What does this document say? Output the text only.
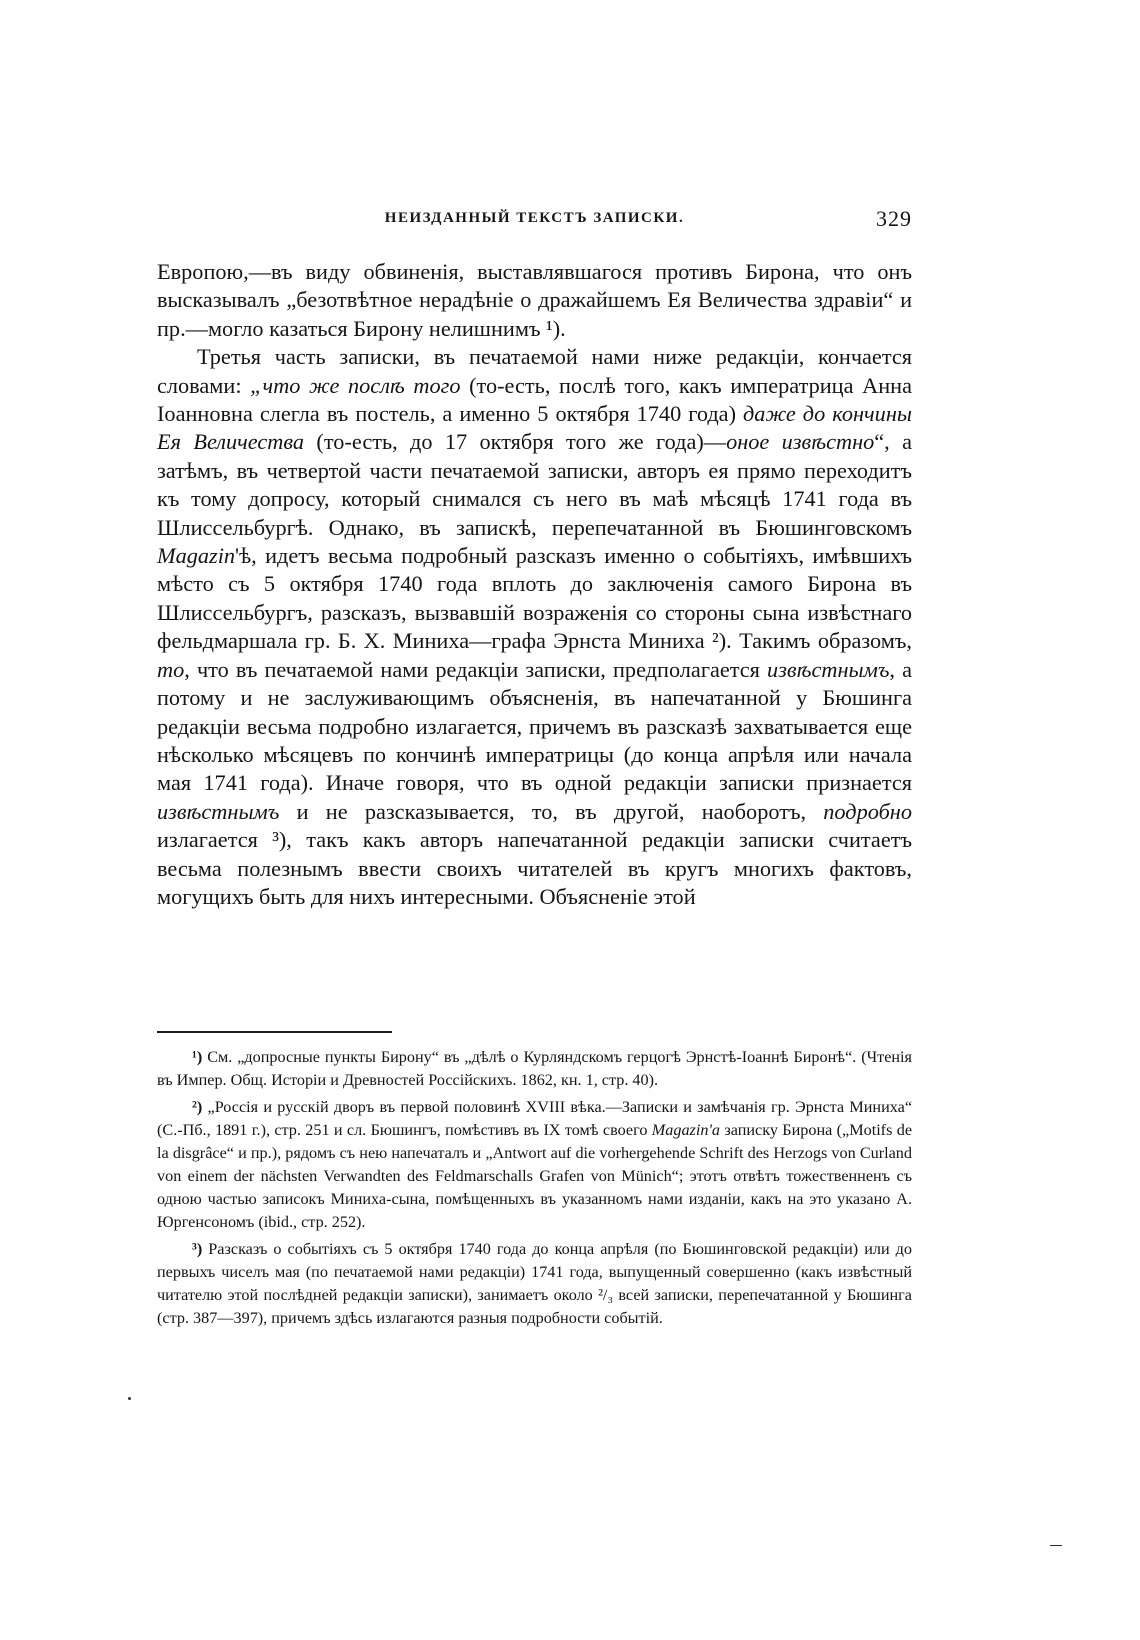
НЕИЗДАННЫЙ ТЕКСТЪ ЗАПИСКИ.	329

Европою,—въ виду обвиненія, выставлявшагося противъ Бирона, что онъ высказывалъ „безотвѣтное нерадѣніе о дражайшемъ Ея Величества здравіи“ и пр.—могло казаться Бирону нелишнимъ ¹).

Третья часть записки, въ печатаемой нами ниже редакціи, кончается словами: „что же послѣ того (то-есть, послѣ того, какъ императрица Анна Іоанновна слегла въ постель, а именно 5 октября 1740 года) даже до кончины Ея Величества (то-есть, до 17 октября того же года)—оное извѣстно“, а затѣмъ, въ четвертой части печатаемой записки, авторъ ея прямо переходитъ къ тому допросу, который снимался съ него въ маѣ мѣсяцѣ 1741 года въ Шлиссельбургѣ. Однако, въ запискѣ, перепечатанной въ Бюшинговскомъ Magazin'ѣ, идетъ весьма подробный разсказъ именно о событіяхъ, имѣвшихъ мѣсто съ 5 октября 1740 года вплоть до заключенія самого Бирона въ Шлиссельбургъ, разсказъ, вызвавшій возраженія со стороны сына извѣстнаго фельдмаршала гр. Б. Х. Миниха—графа Эрнста Миниха ²). Такимъ образомъ, то, что въ печатаемой нами редакціи записки, предполагается извѣстнымъ, а потому и не заслуживающимъ объясненія, въ напечатанной у Бюшинга редакціи весьма подробно излагается, причемъ въ разсказѣ захватывается еще нѣсколько мѣсяцевъ по кончинѣ императрицы (до конца апрѣля или начала мая 1741 года). Иначе говоря, что въ одной редакціи записки признается извѣстнымъ и не разсказывается, то, въ другой, наоборотъ, подробно излагается ³), такъ какъ авторъ напечатанной редакціи записки считаетъ весьма полезнымъ ввести своихъ читателей въ кругъ многихъ фактовъ, могущихъ быть для нихъ интересными. Объясненіе этой

¹) См. „допросные пункты Бирону“ въ „дѣлѣ о Курляндскомъ герцогѣ Эрнстѣ-Іоаннѣ Биронѣ“. (Чтенія въ Импер. Общ. Исторіи и Древностей Россійскихъ. 1862, кн. 1, стр. 40).

²) „Россія и русскій дворъ въ первой половинѣ XVIII вѣка.—Записки и замѣчанія гр. Эрнста Миниха“ (С.-Пб., 1891 г.), стр. 251 и сл. Бюшингъ, помѣстивъ въ IX томѣ своего Magazin'а записку Бирона („Motifs de la disgrâce“ и пр.), рядомъ съ нею напечаталъ и „Antwort auf die vorhergehende Schrift des Herzogs von Curland von einem der nächsten Verwandten des Feldmarschalls Grafen von Münich“; этотъ отвѣтъ тожественненъ съ одною частью записокъ Миниха-сына, помѣщенныхъ въ указанномъ нами изданіи, какъ на это указано А. Юргенсономъ (ibid., стр. 252).

³) Разсказъ о событіяхъ съ 5 октября 1740 года до конца апрѣля (по Бюшинговской редакціи) или до первыхъ чиселъ мая (по печатаемой нами редакціи) 1741 года, выпущенный совершенно (какъ извѣстный читателю этой послѣдней редакціи записки), занимаетъ около ²/₃ всей записки, перепечатанной у Бюшинга (стр. 387—397), причемъ здѣсь излагаются разныя подробности событій.
